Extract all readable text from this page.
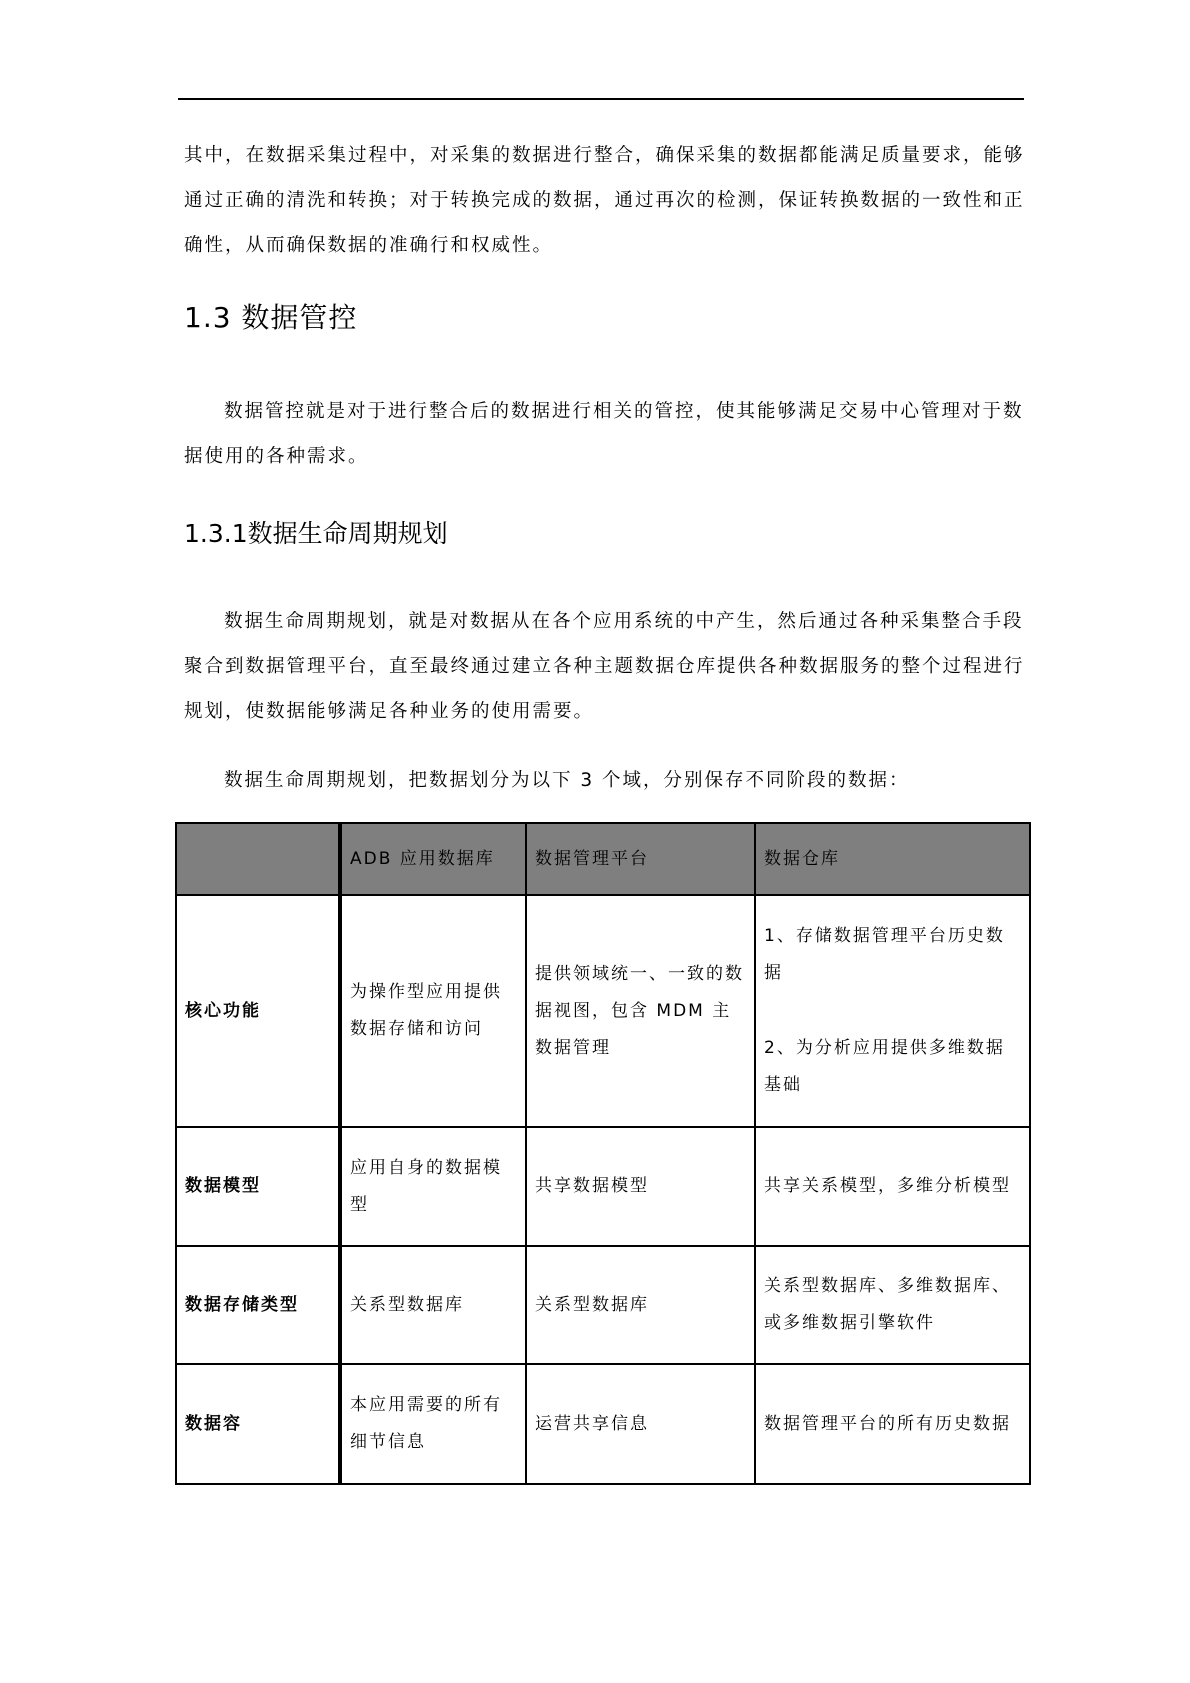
其中，在数据采集过程中，对采集的数据进行整合，确保采集的数据都能满足质量要求，能够通过正确的清洗和转换；对于转换完成的数据，通过再次的检测，保证转换数据的一致性和正确性，从而确保数据的准确行和权威性。

1.3 数据管控

数据管控就是对于进行整合后的数据进行相关的管控，使其能够满足交易中心管理对于数据使用的各种需求。

1.3.1数据生命周期规划

数据生命周期规划，就是对数据从在各个应用系统的中产生，然后通过各种采集整合手段聚合到数据管理平台，直至最终通过建立各种主题数据仓库提供各种数据服务的整个过程进行规划，使数据能够满足各种业务的使用需要。

数据生命周期规划，把数据划分为以下 3 个域，分别保存不同阶段的数据：

	ADB 应用数据库	数据管理平台	数据仓库
核心功能	为操作型应用提供数据存储和访问	提供领域统一、一致的数据视图，包含 MDM 主数据管理	1、存储数据管理平台历史数据
2、为分析应用提供多维数据基础

数据模型	应用自身的数据模型	共享数据模型	共享关系模型，多维分析模型
数据存储类型	关系型数据库	关系型数据库	关系型数据库、多维数据库、或多维数据引擎软件
数据容	本应用需要的所有细节信息	运营共享信息	数据管理平台的所有历史数据
